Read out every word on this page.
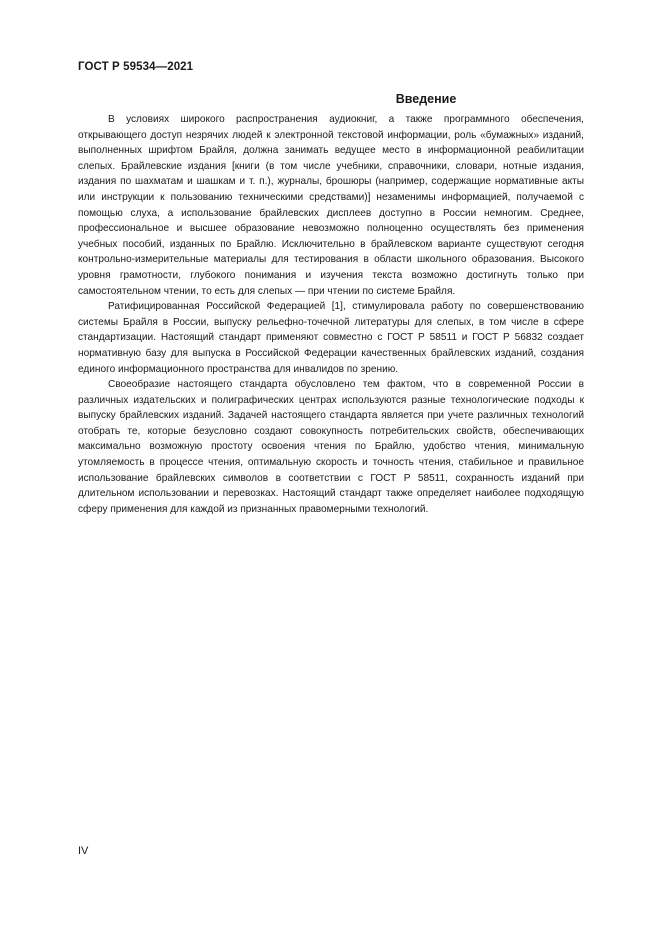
ГОСТ Р 59534—2021
Введение

В условиях широкого распространения аудиокниг, а также программного обеспечения, открывающего доступ незрячих людей к электронной текстовой информации, роль «бумажных» изданий, выполненных шрифтом Брайля, должна занимать ведущее место в информационной реабилитации слепых. Брайлевские издания [книги (в том числе учебники, справочники, словари, нотные издания, издания по шахматам и шашкам и т. п.), журналы, брошюры (например, содержащие нормативные акты или инструкции к пользованию техническими средствами)] незаменимы информацией, получаемой с помощью слуха, а использование брайлевских дисплеев доступно в России немногим. Среднее, профессиональное и высшее образование невозможно полноценно осуществлять без применения учебных пособий, изданных по Брайлю. Исключительно в брайлевском варианте существуют сегодня контрольно-измерительные материалы для тестирования в области школьного образования. Высокого уровня грамотности, глубокого понимания и изучения текста возможно достигнуть только при самостоятельном чтении, то есть для слепых — при чтении по системе Брайля.

Ратифицированная Российской Федерацией [1], стимулировала работу по совершенствованию системы Брайля в России, выпуску рельефно-точечной литературы для слепых, в том числе в сфере стандартизации. Настоящий стандарт применяют совместно с ГОСТ Р 58511 и ГОСТ Р 56832 создает нормативную базу для выпуска в Российской Федерации качественных брайлевских изданий, создания единого информационного пространства для инвалидов по зрению.

Своеобразие настоящего стандарта обусловлено тем фактом, что в современной России в различных издательских и полиграфических центрах используются разные технологические подходы к выпуску брайлевских изданий. Задачей настоящего стандарта является при учете различных технологий отобрать те, которые безусловно создают совокупность потребительских свойств, обеспечивающих максимально возможную простоту освоения чтения по Брайлю, удобство чтения, минимальную утомляемость в процессе чтения, оптимальную скорость и точность чтения, стабильное и правильное использование брайлевских символов в соответствии с ГОСТ Р 58511, сохранность изданий при длительном использовании и перевозках. Настоящий стандарт также определяет наиболее подходящую сферу применения для каждой из признанных правомерными технологий.

IV
